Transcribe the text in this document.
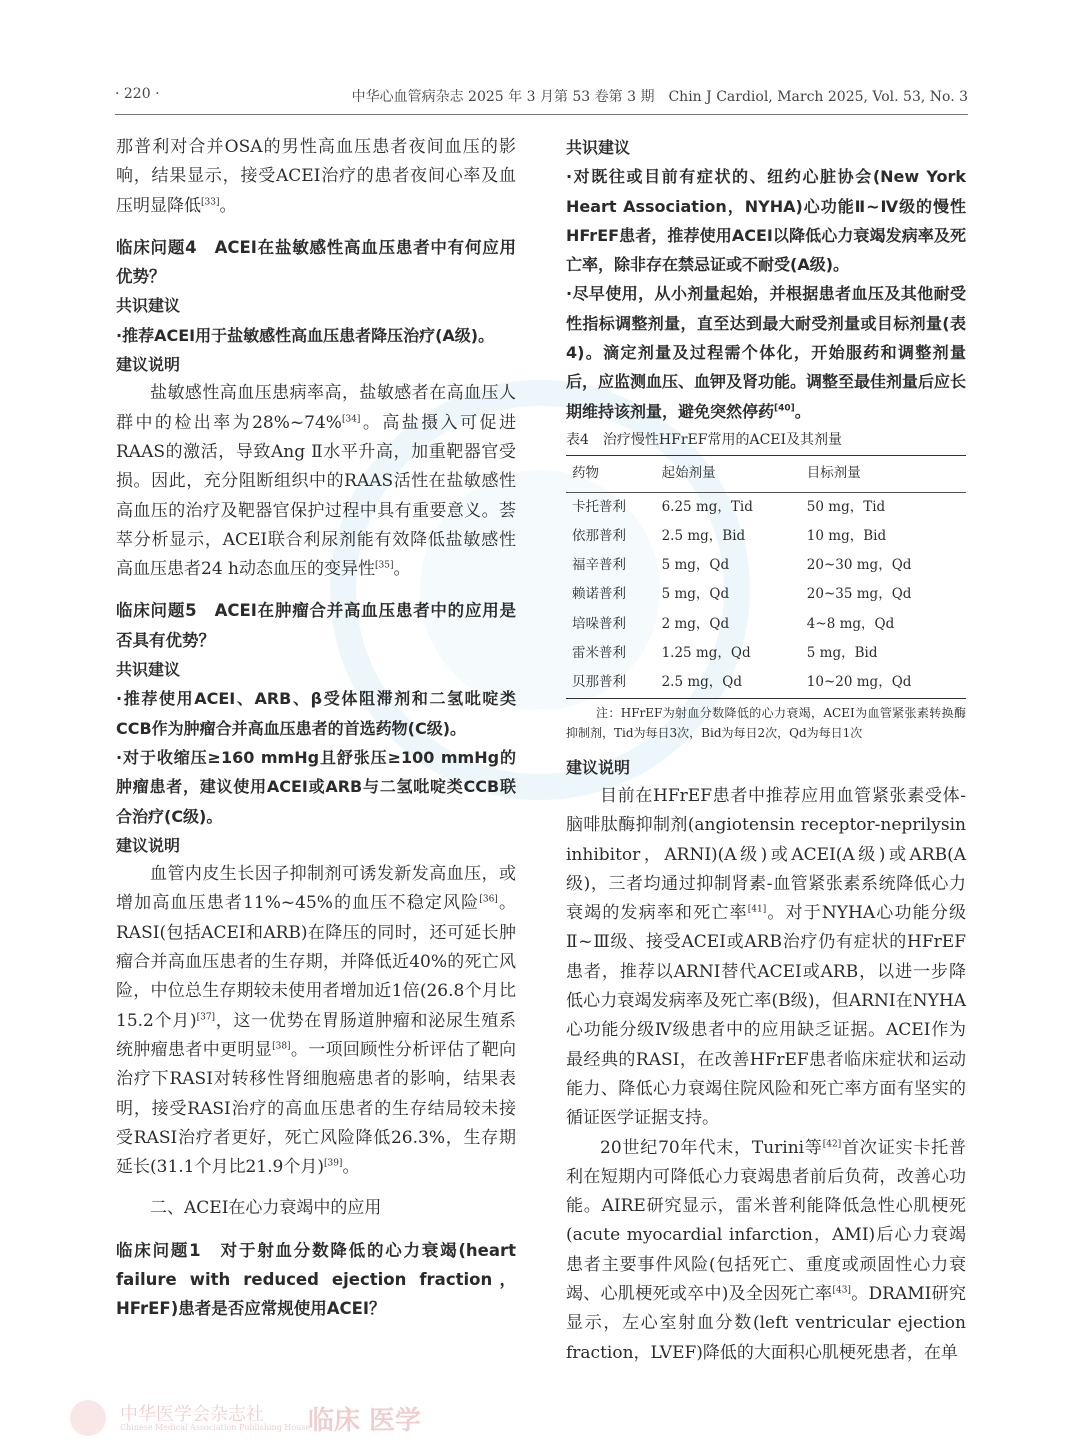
· 220 ·	中华心血管病杂志 2025 年 3 月第 53 卷第 3 期　Chin J Cardiol, March 2025, Vol. 53, No. 3

那普利对合并OSA的男性高血压患者夜间血压的影响，结果显示，接受ACEI治疗的患者夜间心率及血压明显降低[33]。

临床问题4　ACEI在盐敏感性高血压患者中有何应用优势？

共识建议

·推荐ACEI用于盐敏感性高血压患者降压治疗(A级)。

建议说明

盐敏感性高血压患病率高，盐敏感者在高血压人群中的检出率为28%~74%[34]。高盐摄入可促进RAAS的激活，导致Ang Ⅱ水平升高，加重靶器官受损。因此，充分阻断组织中的RAAS活性在盐敏感性高血压的治疗及靶器官保护过程中具有重要意义。荟萃分析显示，ACEI联合利尿剂能有效降低盐敏感性高血压患者24 h动态血压的变异性[35]。

临床问题5　ACEI在肿瘤合并高血压患者中的应用是否具有优势？

共识建议

·推荐使用ACEI、ARB、β受体阻滞剂和二氢吡啶类CCB作为肿瘤合并高血压患者的首选药物(C级)。

·对于收缩压≥160 mmHg且舒张压≥100 mmHg的肿瘤患者，建议使用ACEI或ARB与二氢吡啶类CCB联合治疗(C级)。

建议说明

血管内皮生长因子抑制剂可诱发新发高血压，或增加高血压患者11%~45%的血压不稳定风险[36]。RASI(包括ACEI和ARB)在降压的同时，还可延长肿瘤合并高血压患者的生存期，并降低近40%的死亡风险，中位总生存期较未使用者增加近1倍(26.8个月比15.2个月)[37]，这一优势在胃肠道肿瘤和泌尿生殖系统肿瘤患者中更明显[38]。一项回顾性分析评估了靶向治疗下RASI对转移性肾细胞癌患者的影响，结果表明，接受RASI治疗的高血压患者的生存结局较未接受RASI治疗者更好，死亡风险降低26.3%，生存期延长(31.1个月比21.9个月)[39]。

二、ACEI在心力衰竭中的应用

临床问题1　对于射血分数降低的心力衰竭(heart failure with reduced ejection fraction，HFrEF)患者是否应常规使用ACEI？

共识建议

·对既往或目前有症状的、纽约心脏协会(New York Heart Association，NYHA)心功能Ⅱ~Ⅳ级的慢性HFrEF患者，推荐使用ACEI以降低心力衰竭发病率及死亡率，除非存在禁忌证或不耐受(A级)。

·尽早使用，从小剂量起始，并根据患者血压及其他耐受性指标调整剂量，直至达到最大耐受剂量或目标剂量(表4)。滴定剂量及过程需个体化，开始服药和调整剂量后，应监测血压、血钾及肾功能。调整至最佳剂量后应长期维持该剂量，避免突然停药[40]。

表4　治疗慢性HFrEF常用的ACEI及其剂量

药物	起始剂量	目标剂量
卡托普利	6.25 mg，Tid	50 mg，Tid
依那普利	2.5 mg，Bid	10 mg，Bid
福辛普利	5 mg，Qd	20~30 mg，Qd
赖诺普利	5 mg，Qd	20~35 mg，Qd
培哚普利	2 mg，Qd	4~8 mg，Qd
雷米普利	1.25 mg，Qd	5 mg，Bid
贝那普利	2.5 mg，Qd	10~20 mg，Qd

注：HFrEF为射血分数降低的心力衰竭，ACEI为血管紧张素转换酶抑制剂，Tid为每日3次，Bid为每日2次，Qd为每日1次

建议说明

目前在HFrEF患者中推荐应用血管紧张素受体-脑啡肽酶抑制剂(angiotensin receptor-neprilysin inhibitor，ARNI)(A级)或ACEI(A级)或ARB(A级)，三者均通过抑制肾素-血管紧张素系统降低心力衰竭的发病率和死亡率[41]。对于NYHA心功能分级Ⅱ~Ⅲ级、接受ACEI或ARB治疗仍有症状的HFrEF患者，推荐以ARNI替代ACEI或ARB，以进一步降低心力衰竭发病率及死亡率(B级)，但ARNI在NYHA心功能分级Ⅳ级患者中的应用缺乏证据。ACEI作为最经典的RASI，在改善HFrEF患者临床症状和运动能力、降低心力衰竭住院风险和死亡率方面有坚实的循证医学证据支持。

20世纪70年代末，Turini等[42]首次证实卡托普利在短期内可降低心力衰竭患者前后负荷，改善心功能。AIRE研究显示，雷米普利能降低急性心肌梗死(acute myocardial infarction，AMI)后心力衰竭患者主要事件风险(包括死亡、重度或顽固性心力衰竭、心肌梗死或卒中)及全因死亡率[43]。DRAMI研究显示，左心室射血分数(left ventricular ejection fraction，LVEF)降低的大面积心肌梗死患者，在单

中华医学会杂志社
Chinese Medical Association Publishing House
临床 医学
